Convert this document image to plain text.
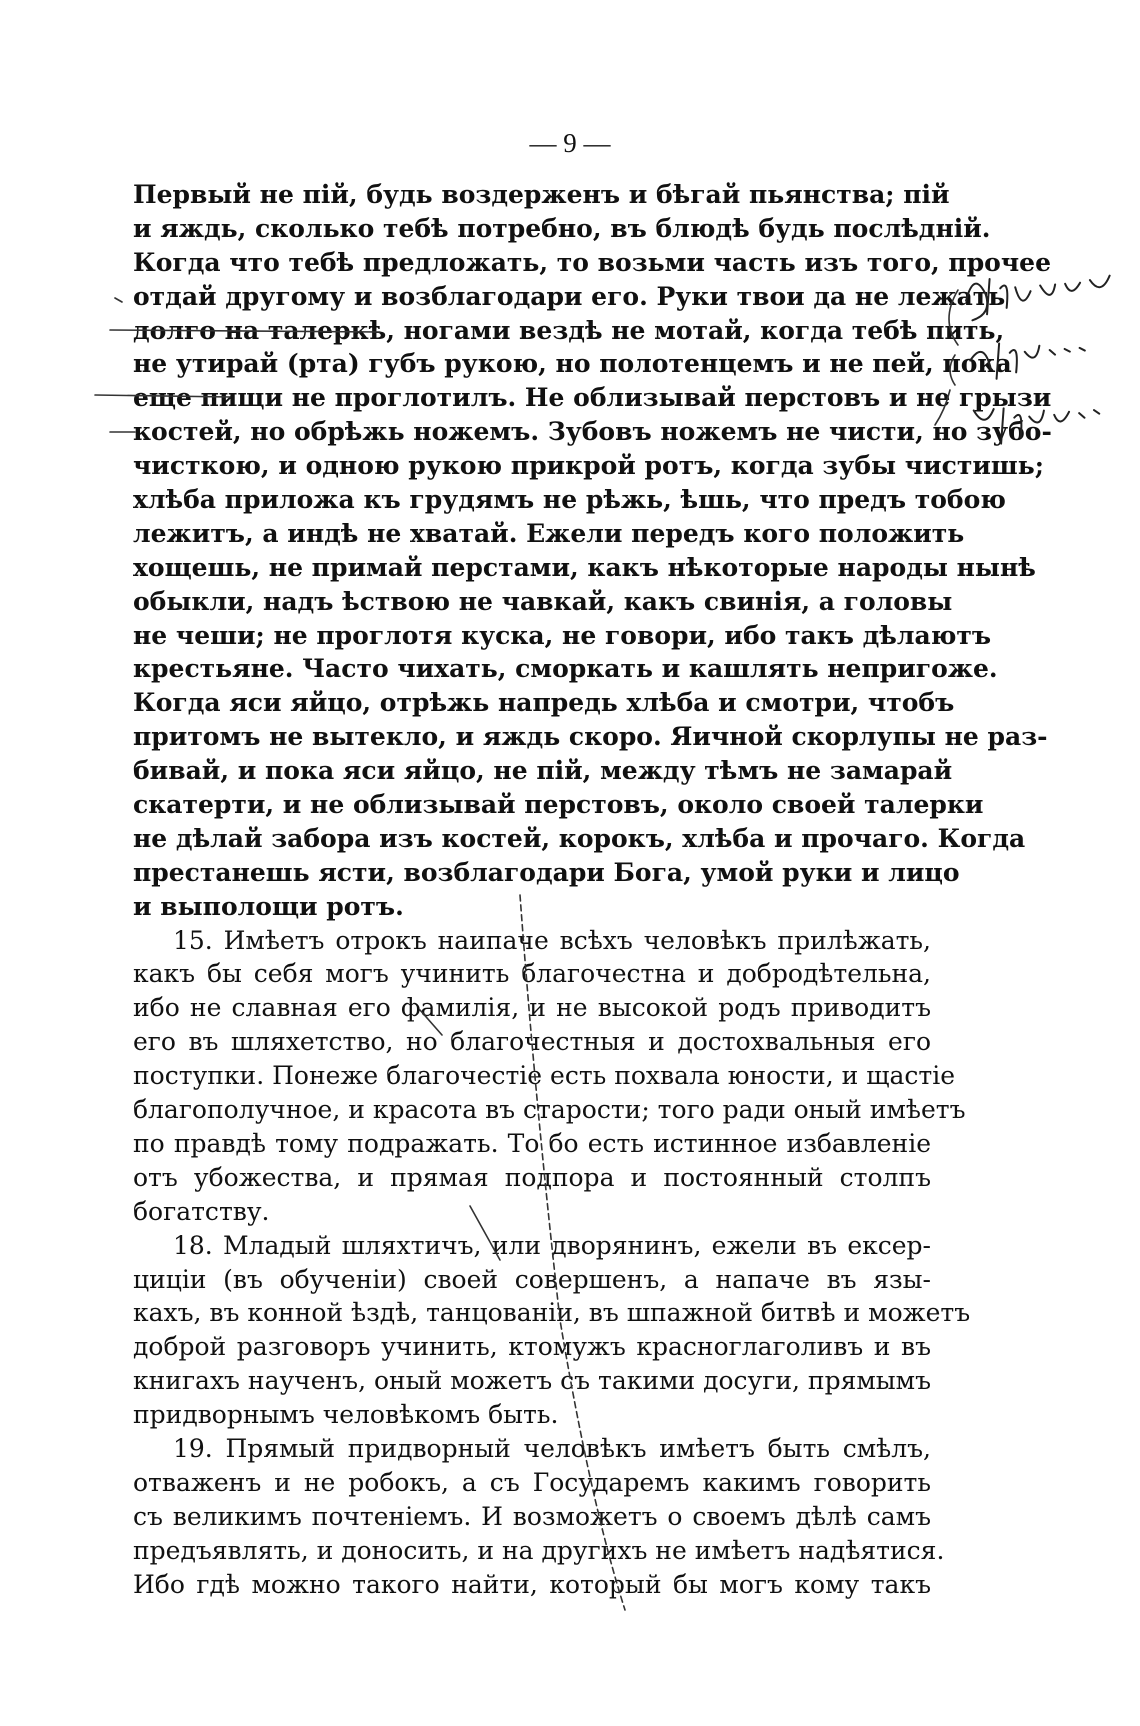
— 9 —
Первый не пій, будь воздерженъ и бѣгай пьянства; пій
и яждь, сколько тебѣ потребно, въ блюдѣ будь послѣдній.
Когда что тебѣ предложать, то возьми часть изъ того, прочее
отдай другому и возблагодари его. Руки твои да не лежать
долго на талеркѣ, ногами вездѣ не мотай, когда тебѣ пить,
не утирай (рта) губъ рукою, но полотенцемъ и не пей, пока
еще пищи не проглотилъ. Не облизывай перстовъ и не грызи
костей, но обрѣжь ножемъ. Зубовъ ножемъ не чисти, но зубо-
чисткою, и одною рукою прикрой ротъ, когда зубы чистишь;
хлѣба приложа къ грудямъ не рѣжь, ѣшь, что предъ тобою
лежитъ, а индѣ не хватай. Ежели передъ кого положить
хощешь, не примай перстами, какъ нѣкоторые народы нынѣ
обыкли, надъ ѣствою не чавкай, какъ свинія, а головы
не чеши; не проглотя куска, не говори, ибо такъ дѣлаютъ
крестьяне. Часто чихать, сморкать и кашлять непригоже.
Когда яси яйцо, отрѣжь напредь хлѣба и смотри, чтобъ
притомъ не вытекло, и яждь скоро. Яичной скорлупы не раз-
бивай, и пока яси яйцо, не пій, между тѣмъ не замарай
скатерти, и не облизывай перстовъ, около своей талерки
не дѣлай забора изъ костей, корокъ, хлѣба и прочаго. Когда
престанешь ясти, возблагодари Бога, умой руки и лицо
и выполощи ротъ.
15. Имѣетъ отрокъ наипаче всѣхъ человѣкъ прилѣжать,
какъ бы себя могъ учинить благочестна и добродѣтельна,
ибо не славная его фамилія, и не высокой родъ приводитъ
его въ шляхетство, но благочестныя и достохвальныя его
поступки. Понеже благочестіе есть похвала юности, и щастіе
благополучное, и красота въ старости; того ради оный имѣетъ
по правдѣ тому подражать. То бо есть истинное избавленіе
отъ убожества, и прямая подпора и постоянный столпъ
богатству.
18. Младый шляхтичъ, или дворянинъ, ежели въ ексер-
циціи (въ обученіи) своей совершенъ, а напаче въ язы-
кахъ, въ конной ѣздѣ, танцованіи, въ шпажной битвѣ и можетъ
доброй разговоръ учинить, ктомужъ красноглаголивъ и въ
книгахъ наученъ, оный можетъ съ такими досуги, прямымъ
придворнымъ человѣкомъ быть.
19. Прямый придворный человѣкъ имѣетъ быть смѣлъ,
отваженъ и не робокъ, а съ Государемъ какимъ говорить
съ великимъ почтеніемъ. И возможетъ о своемъ дѣлѣ самъ
предъявлять, и доносить, и на другихъ не имѣетъ надѣятися.
Ибо гдѣ можно такого найти, который бы могъ кому такъ
